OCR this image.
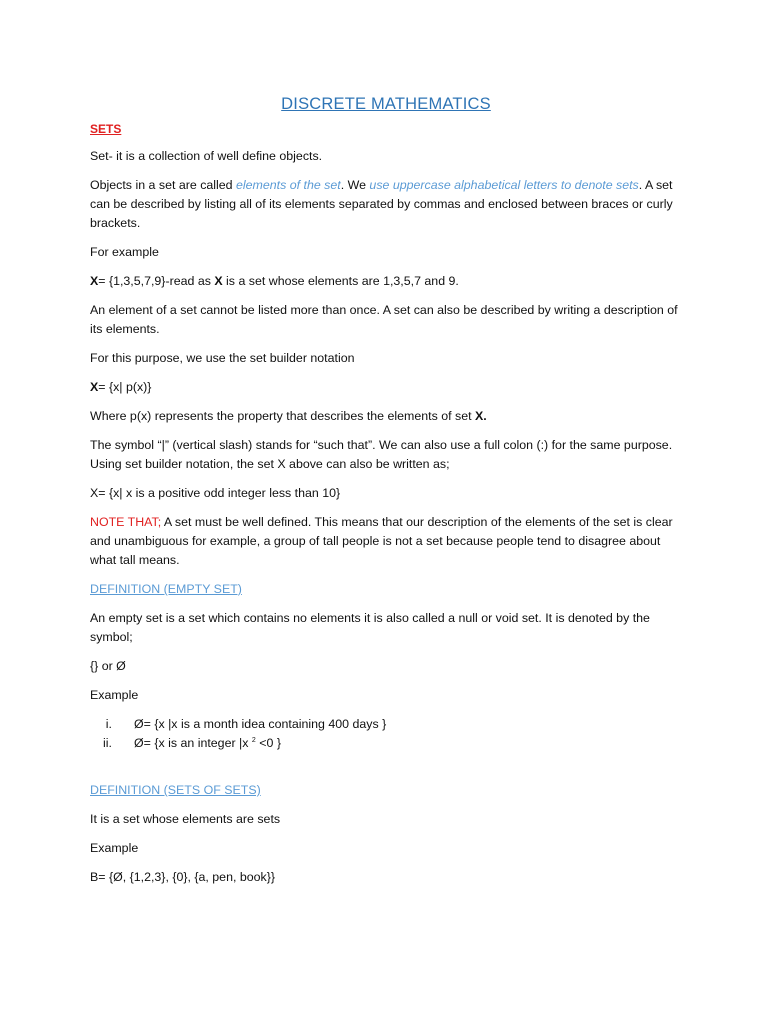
DISCRETE MATHEMATICS
SETS

Set- it is a collection of well define objects.

Objects in a set are called elements of the set. We use uppercase alphabetical letters to denote sets. A set can be described by listing all of its elements separated by commas and enclosed between braces or curly brackets.

For example

X= {1,3,5,7,9}-read as X is a set whose elements are 1,3,5,7 and 9.

An element of a set cannot be listed more than once. A set can also be described by writing a description of its elements.

For this purpose, we use the set builder notation

X= {x| p(x)}

Where p(x) represents the property that describes the elements of set X.

The symbol “|” (vertical slash) stands for “such that”. We can also use a full colon (:) for the same purpose. Using set builder notation, the set X above can also be written as;

X= {x| x is a positive odd integer less than 10}

NOTE THAT; A set must be well defined. This means that our description of the elements of the set is clear and unambiguous for example, a group of tall people is not a set because people tend to disagree about what tall means.

DEFINITION (EMPTY SET)

An empty set is a set which contains no elements it is also called a null or void set. It is denoted by the symbol;

{} or Ø

Example

i. Ø= {x |x is a month idea containing 400 days }
ii. Ø= {x is an integer |x $^2$ <0 }

DEFINITION (SETS OF SETS)

It is a set whose elements are sets

Example

B= {Ø, {1,2,3}, {0}, {a, pen, book}}
